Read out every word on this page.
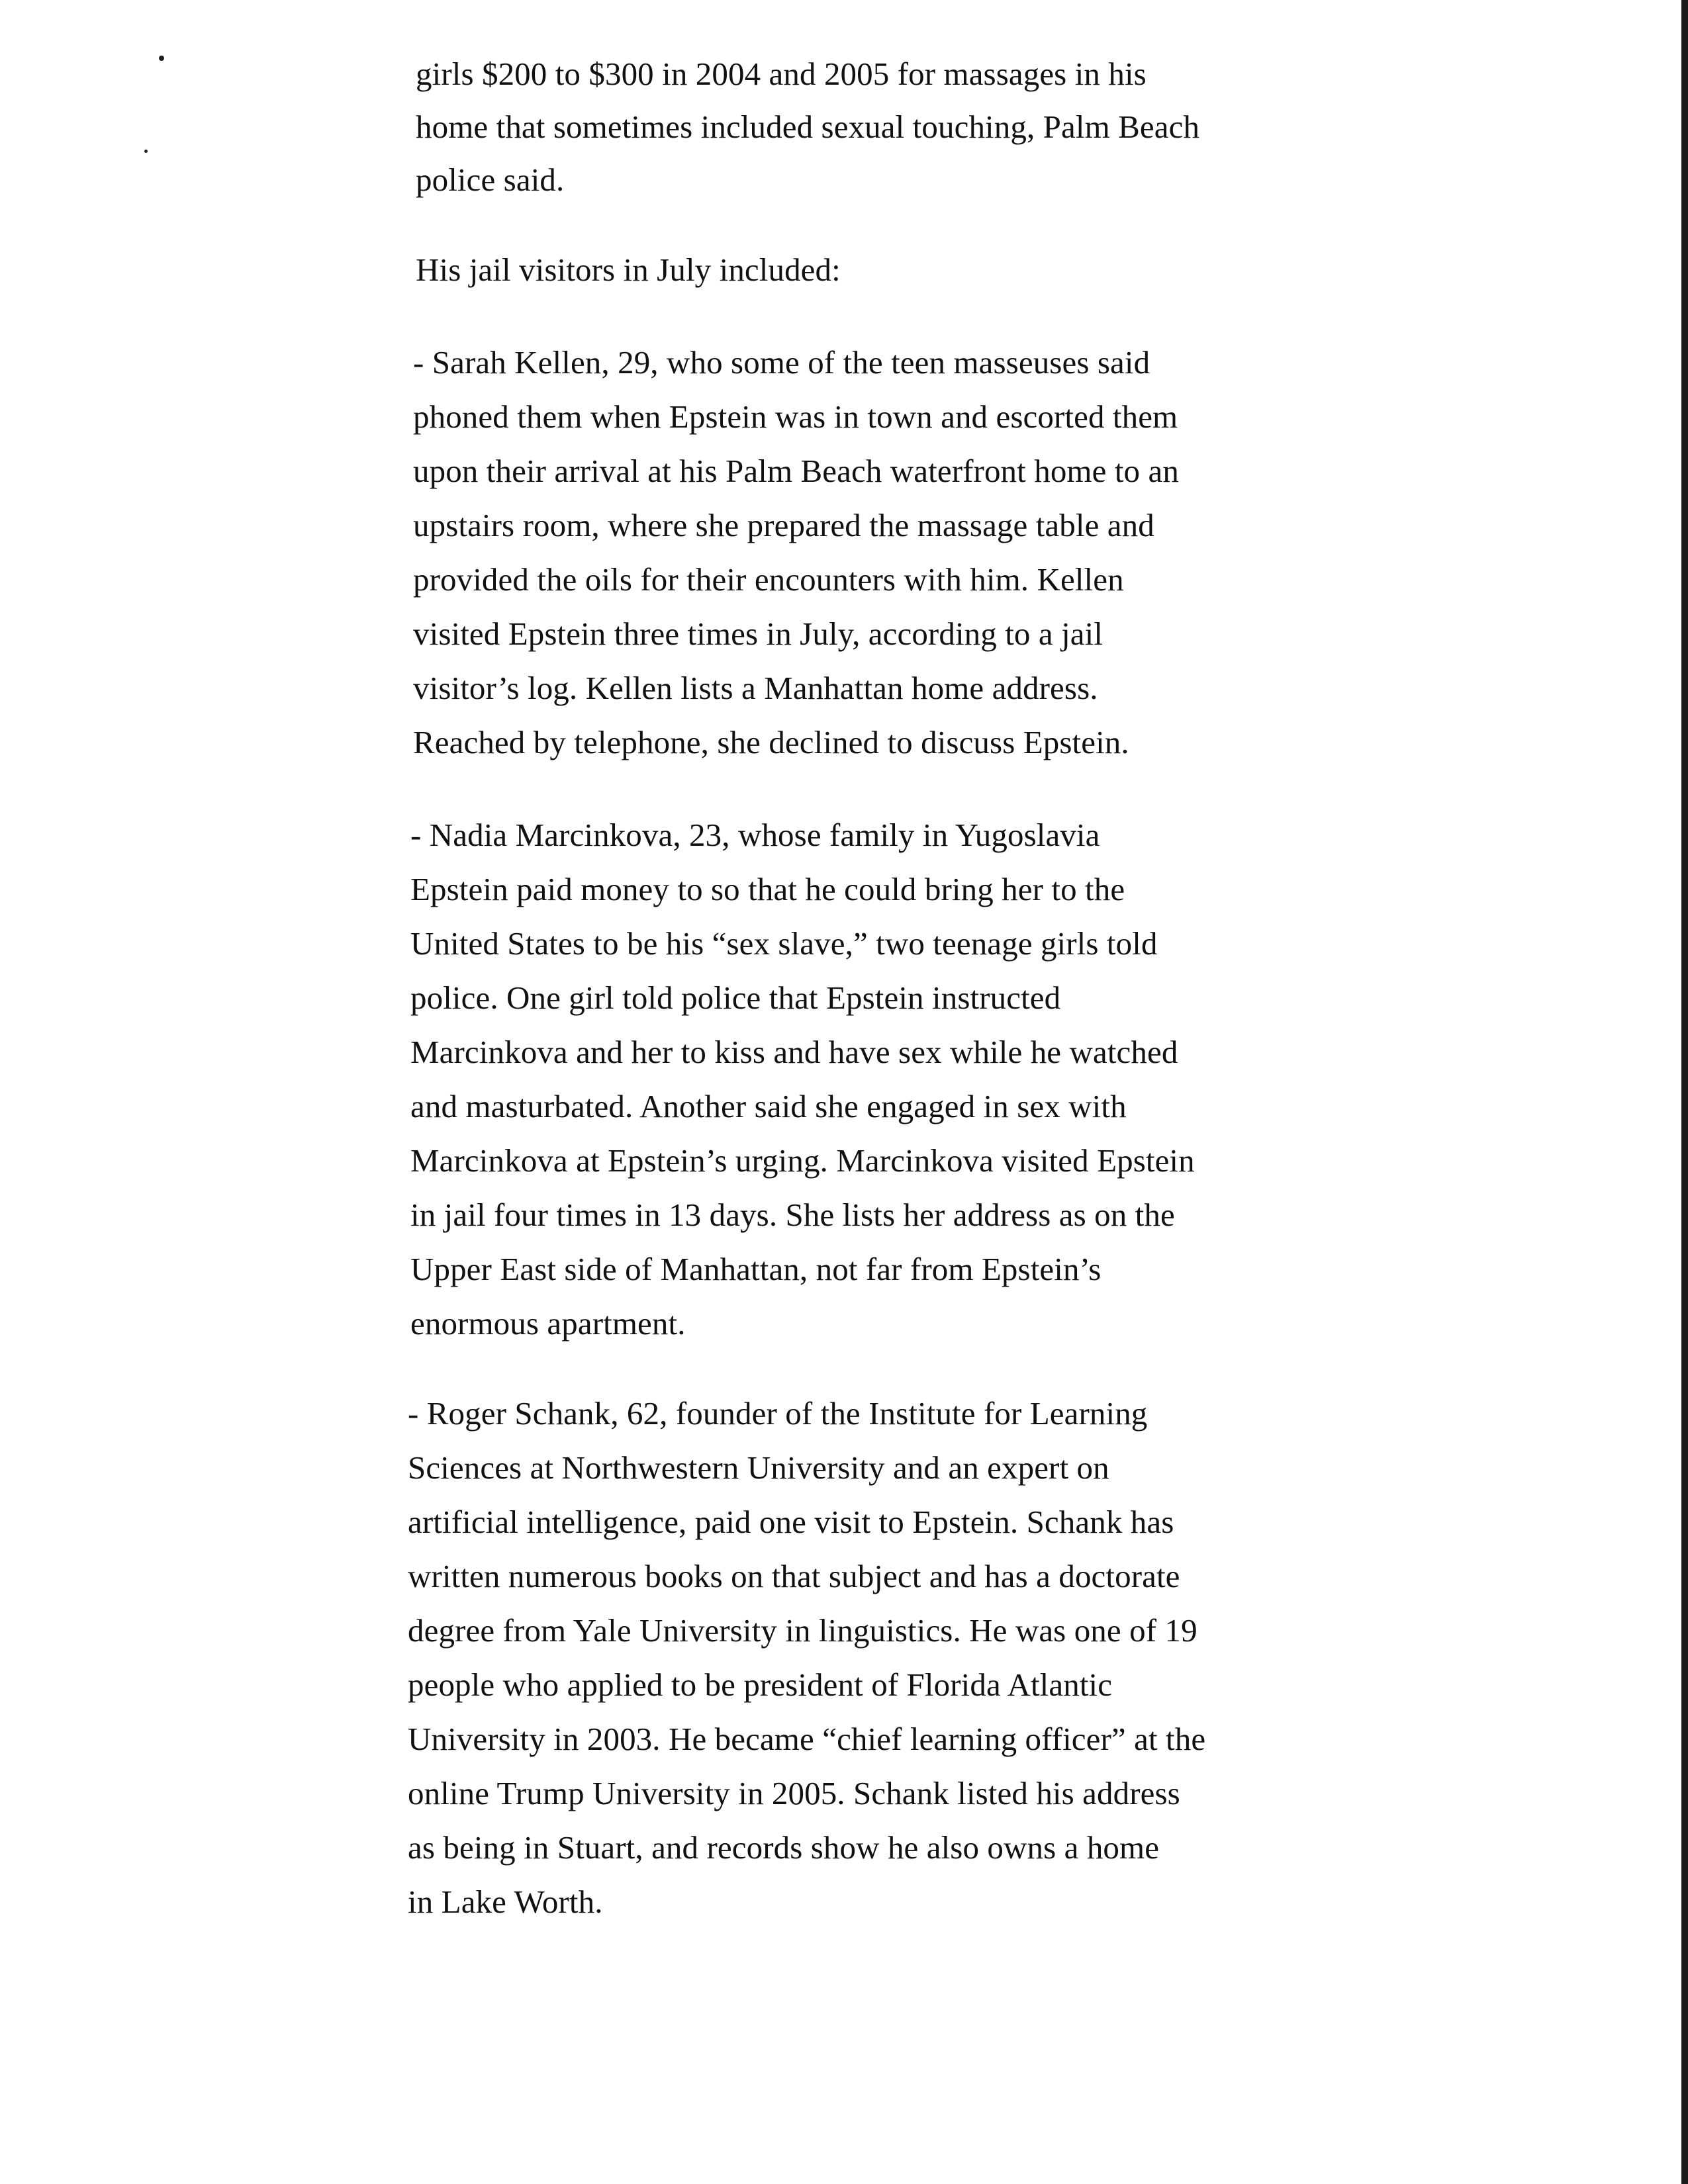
girls $200 to $300 in 2004 and 2005 for massages in his

home that sometimes included sexual touching, Palm Beach

police said.

His jail visitors in July included:

- Sarah Kellen, 29, who some of the teen masseuses said

phoned them when Epstein was in town and escorted them

upon their arrival at his Palm Beach waterfront home to an

upstairs room, where she prepared the massage table and

provided the oils for their encounters with him. Kellen

visited Epstein three times in July, according to a jail

visitor’s log. Kellen lists a Manhattan home address.

Reached by telephone, she declined to discuss Epstein.

- Nadia Marcinkova, 23, whose family in Yugoslavia

Epstein paid money to so that he could bring her to the

United States to be his “sex slave,” two teenage girls told

police. One girl told police that Epstein instructed

Marcinkova and her to kiss and have sex while he watched

and masturbated. Another said she engaged in sex with

Marcinkova at Epstein’s urging. Marcinkova visited Epstein

in jail four times in 13 days. She lists her address as on the

Upper East side of Manhattan, not far from Epstein’s

enormous apartment.

- Roger Schank, 62, founder of the Institute for Learning

Sciences at Northwestern University and an expert on

artificial intelligence, paid one visit to Epstein. Schank has

written numerous books on that subject and has a doctorate

degree from Yale University in linguistics. He was one of 19

people who applied to be president of Florida Atlantic

University in 2003. He became “chief learning officer” at the

online Trump University in 2005. Schank listed his address

as being in Stuart, and records show he also owns a home

in Lake Worth.
